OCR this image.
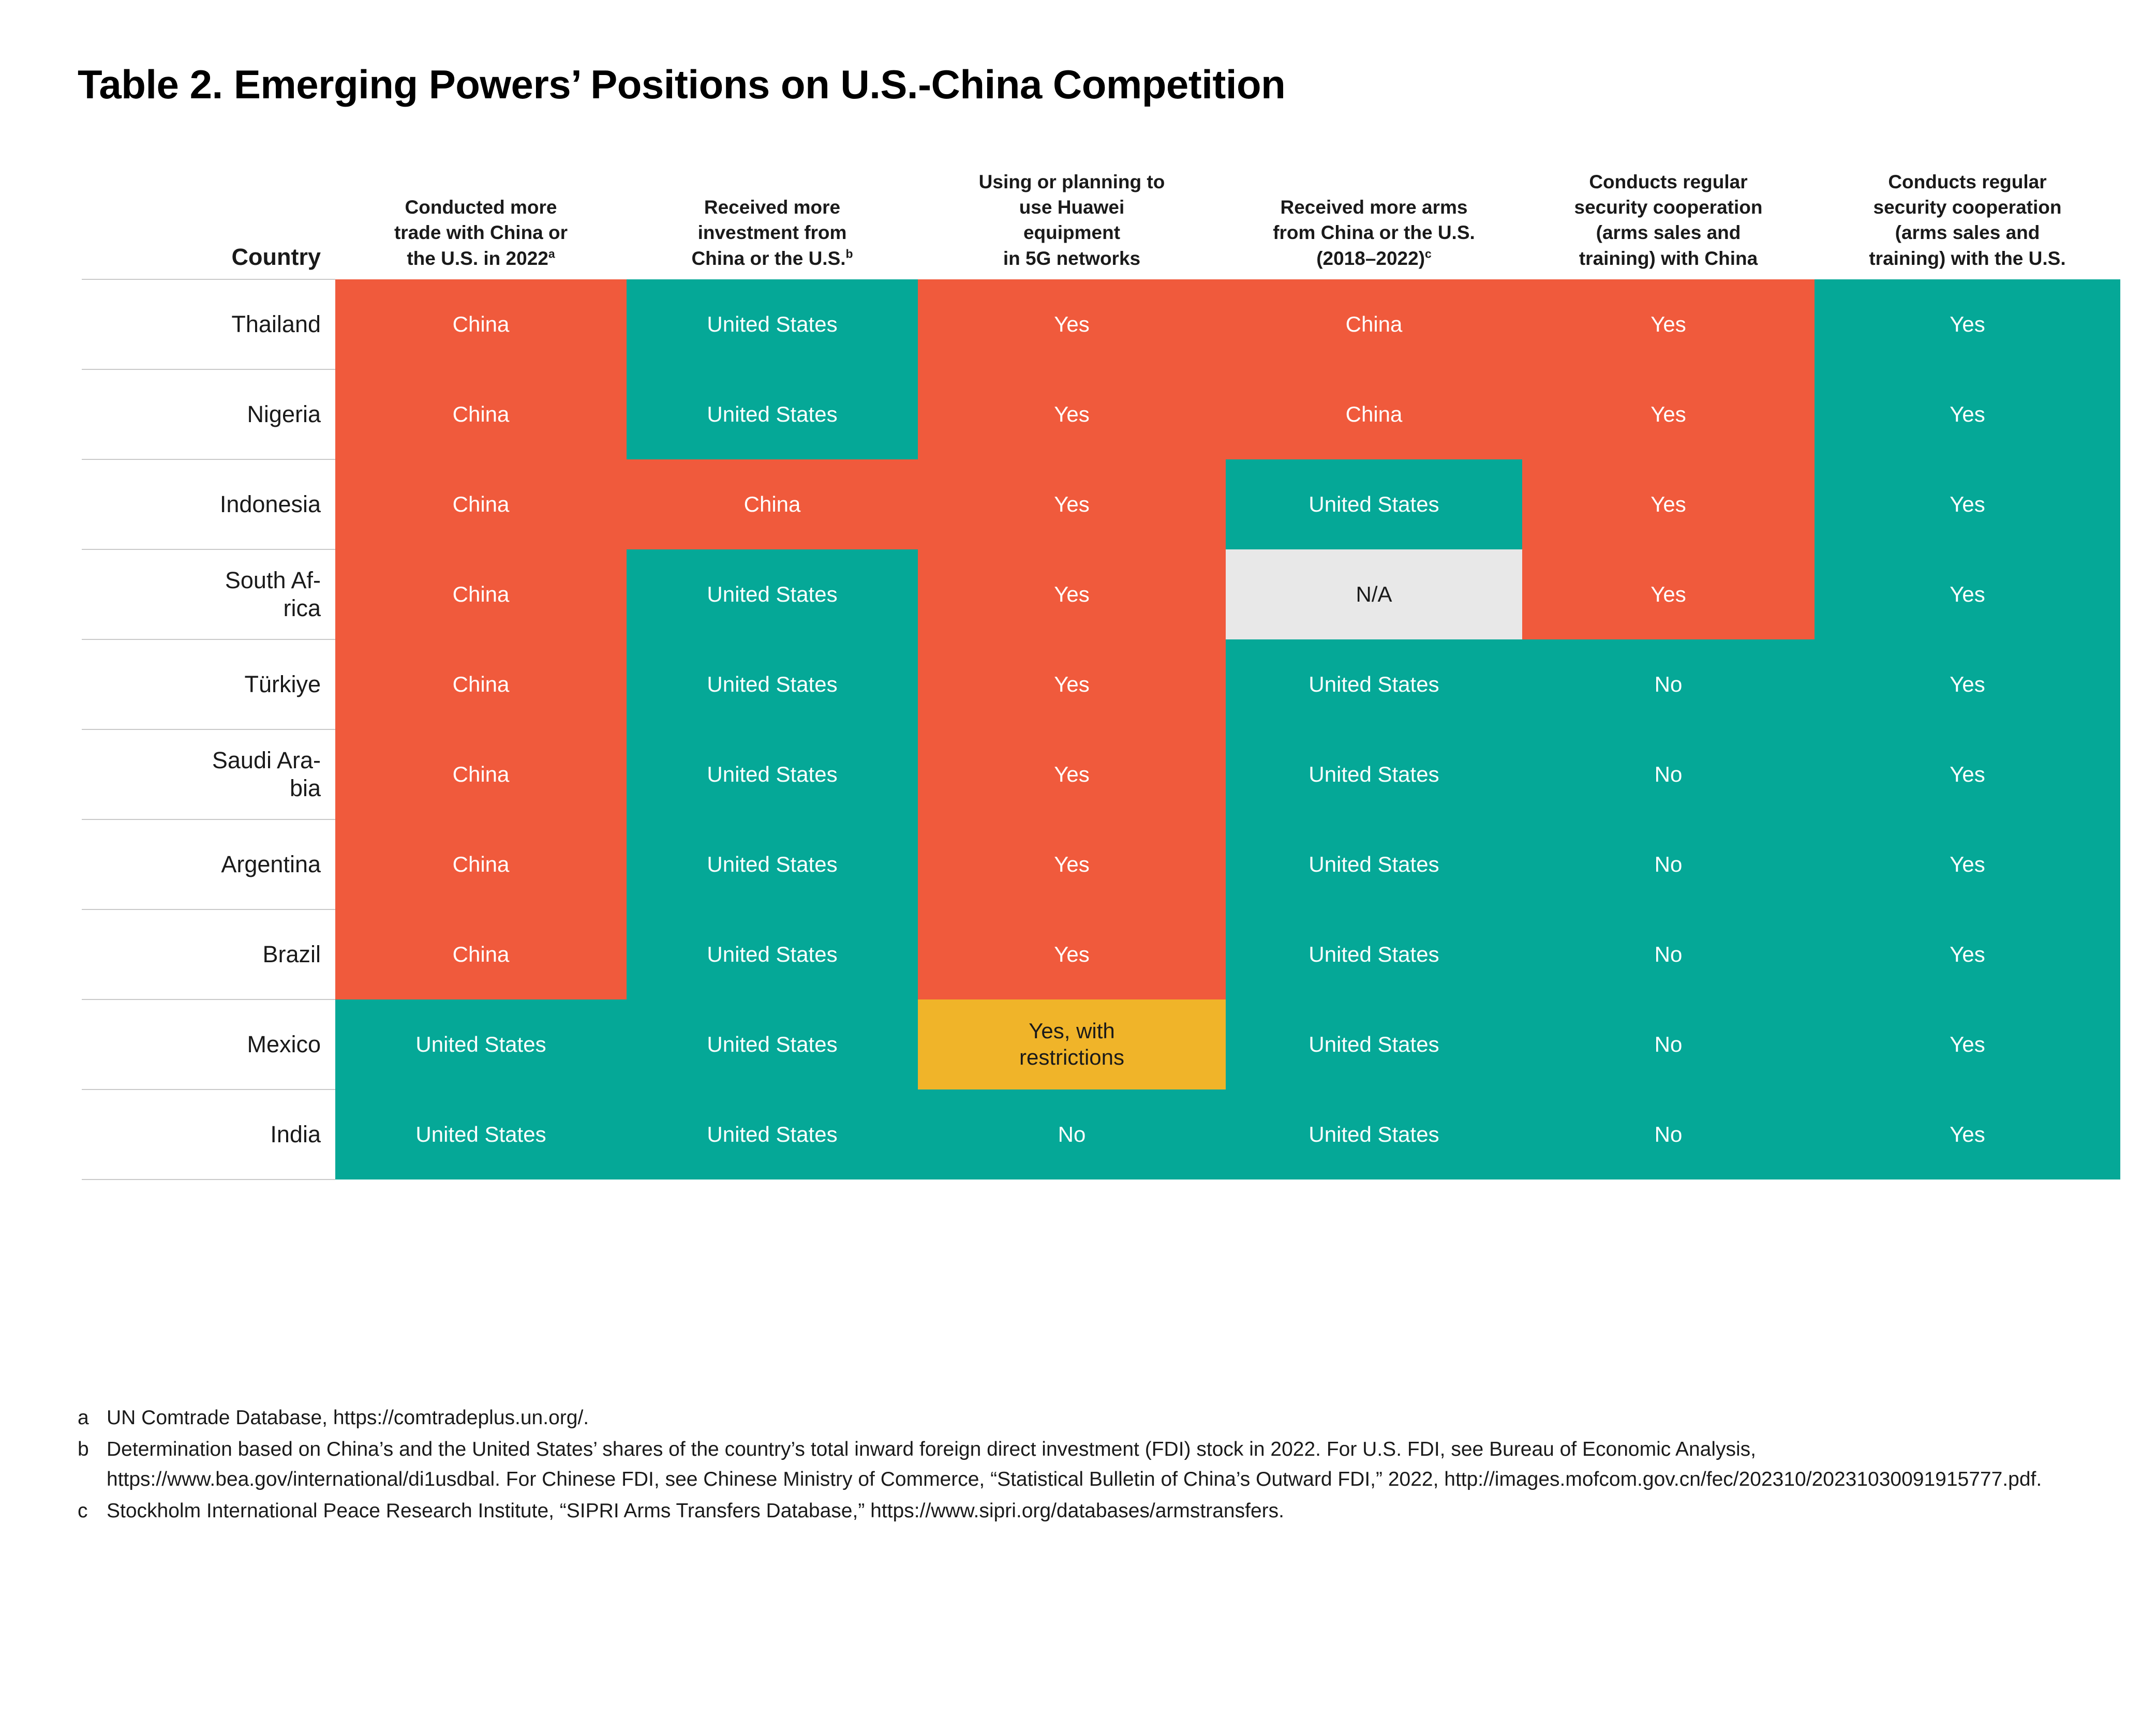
Table 2. Emerging Powers’ Positions on U.S.-China Competition
Country	Conducted more
trade with China or
the U.S. in 2022$^a$	Received more
investment from
China or the U.S.$^b$	Using or planning to
use Huawei
equipment
in 5G networks	Received more arms
from China or the U.S.
(2018–2022)$^c$	Conducts regular
security cooperation
(arms sales and
training) with China	Conducts regular
security cooperation
(arms sales and
training) with the U.S.

Thailand	China	United States	Yes	China	Yes	Yes

Nigeria	China	United States	Yes	China	Yes	Yes

Indonesia	China	China	Yes	United States	Yes	Yes

South Af-
rica	China	United States	Yes	N/A	Yes	Yes

Türkiye	China	United States	Yes	United States	No	Yes

Saudi Ara-
bia	China	United States	Yes	United States	No	Yes

Argentina	China	United States	Yes	United States	No	Yes

Brazil	China	United States	Yes	United States	No	Yes

Mexico	United States	United States	Yes, with
restrictions	United States	No	Yes

India	United States	United States	No	United States	No	Yes
a UN Comtrade Database, https://comtradeplus.un.org/.
b Determination based on China’s and the United States’ shares of the country’s total inward foreign direct investment (FDI) stock in 2022. For U.S. FDI, see Bureau of Economic Analysis, https://www.bea.gov/international/di1usdbal. For Chinese FDI, see Chinese Ministry of Commerce, “Statistical Bulletin of China’s Outward FDI,” 2022, http://images.mofcom.gov.cn/fec/202310/20231030091915777.pdf.
c Stockholm International Peace Research Institute, “SIPRI Arms Transfers Database,” https://www.sipri.org/databases/armstransfers.
